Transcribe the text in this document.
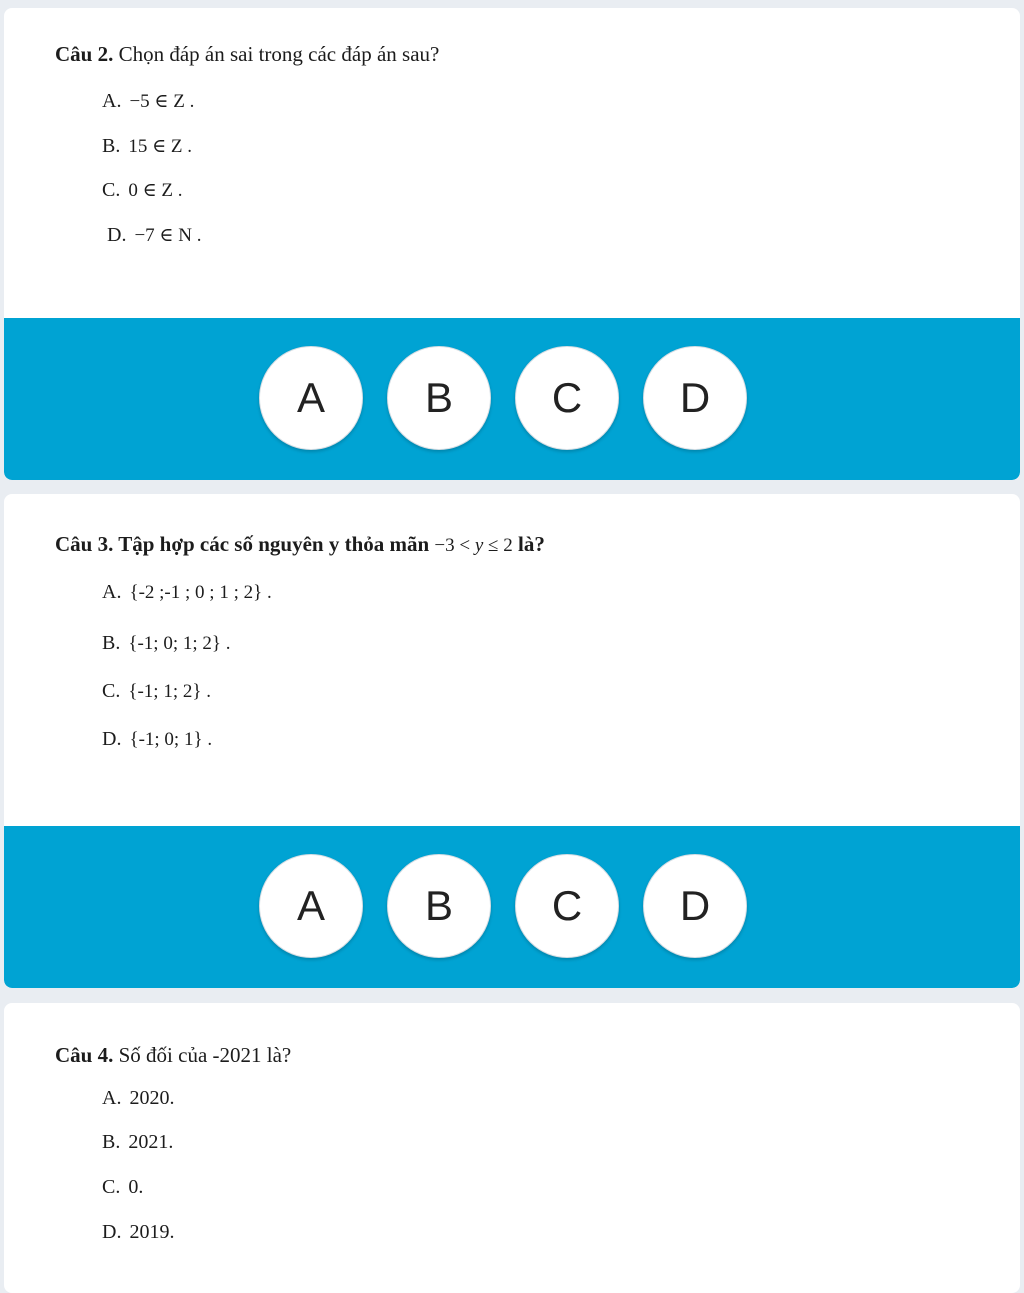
Câu 2. Chọn đáp án sai trong các đáp án sau?
A. −5 ∈ Z .
B. 15 ∈ Z .
C. 0 ∈ Z .
D. −7 ∈ N .
A	B	C	D
Câu 3. Tập hợp các số nguyên y thỏa mãn −3 < y ≤ 2 là?
A. {-2 ;-1 ; 0 ; 1 ; 2} .
B. {-1; 0; 1; 2} .
C. {-1; 1; 2} .
D. {-1; 0; 1} .
A	B	C	D
Câu 4. Số đối của -2021 là?
A. 2020.
B. 2021.
C. 0.
D. 2019.
